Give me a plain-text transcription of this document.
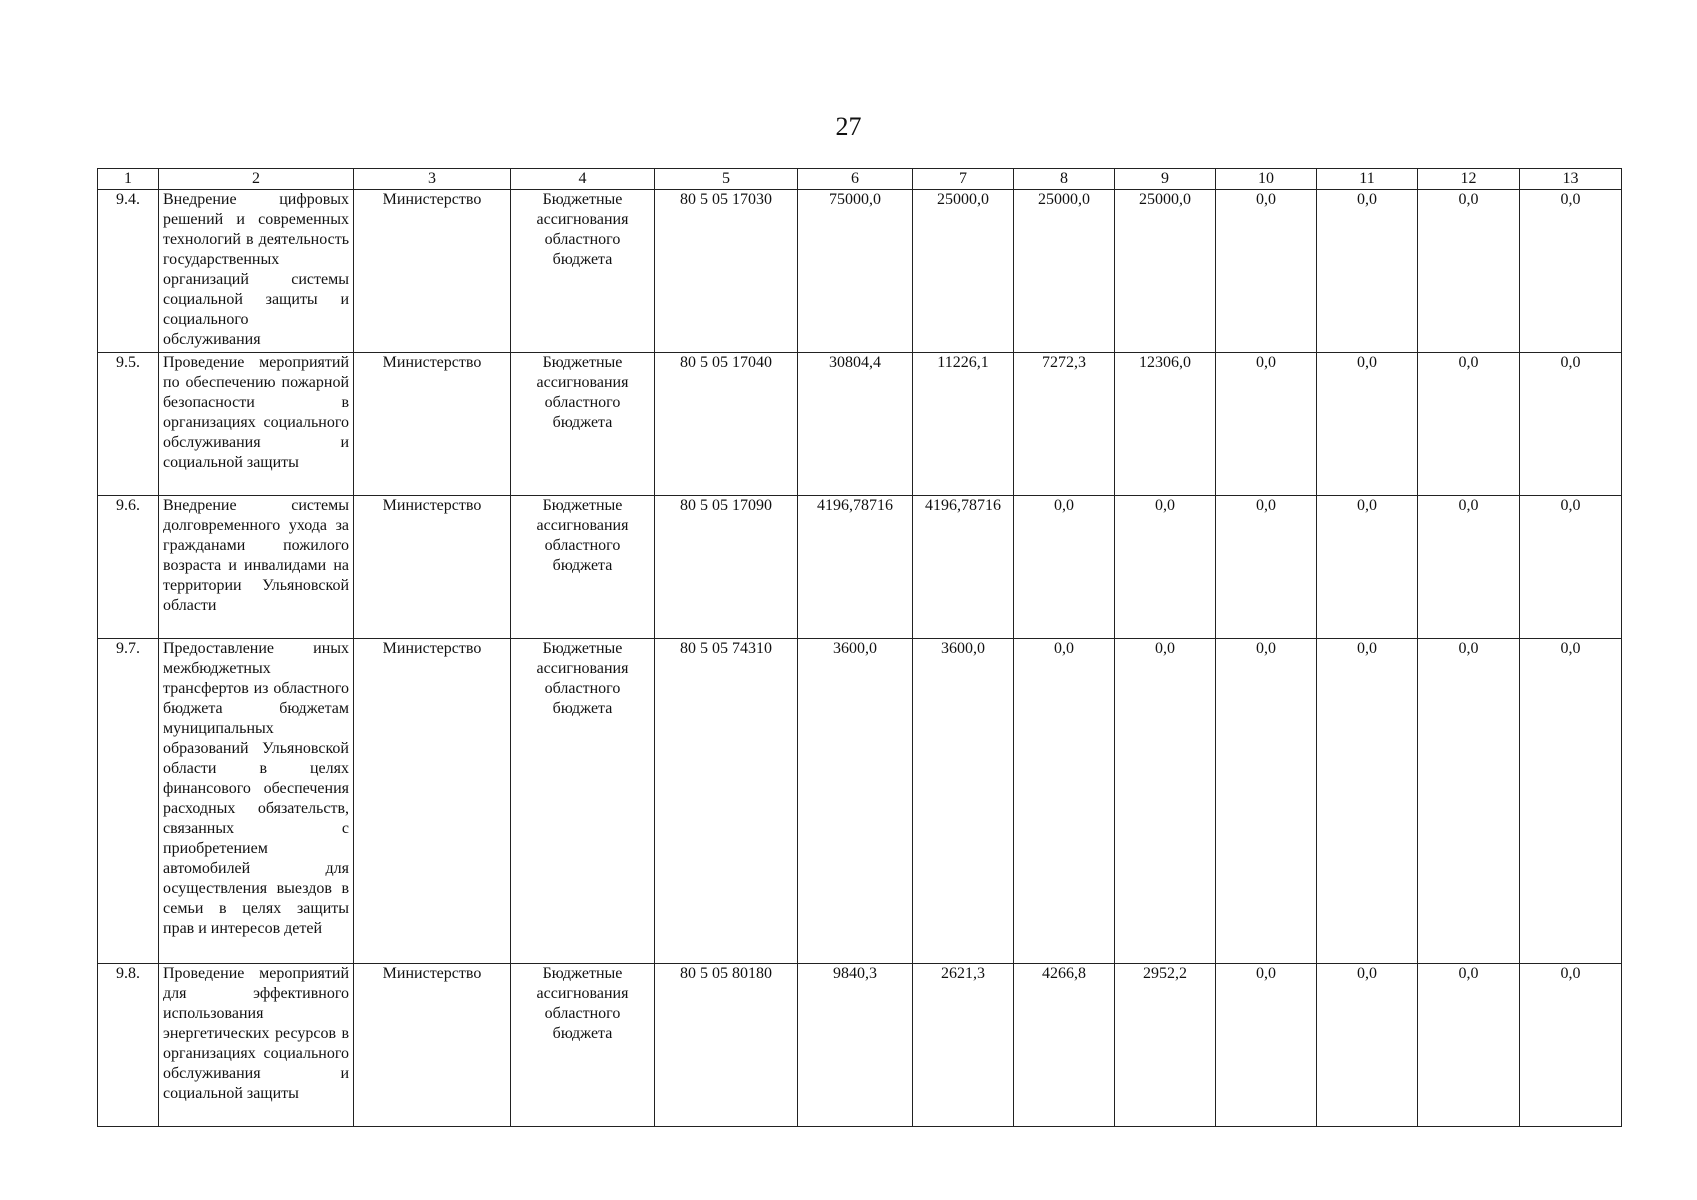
27
1	2	3	4	5	6	7	8	9	10	11	12	13
9.4.	Внедрение цифровых решений и современных технологий в деятельность государственных организаций системы социальной защиты и социального обслуживания	Министерство	Бюджетные ассигнования областного бюджета	80 5 05 17030	75000,0	25000,0	25000,0	25000,0	0,0	0,0	0,0	0,0
9.5.	Проведение мероприятий по обеспечению пожарной безопасности в организациях социального обслуживания и социальной защиты	Министерство	Бюджетные ассигнования областного бюджета	80 5 05 17040	30804,4	11226,1	7272,3	12306,0	0,0	0,0	0,0	0,0
9.6.	Внедрение системы долговременного ухода за гражданами пожилого возраста и инвалидами на территории Ульяновской области	Министерство	Бюджетные ассигнования областного бюджета	80 5 05 17090	4196,78716	4196,78716	0,0	0,0	0,0	0,0	0,0	0,0
9.7.	Предоставление иных межбюджетных трансфертов из областного бюджета бюджетам муниципальных образований Ульяновской области в целях финансового обеспечения расходных обязательств, связанных с приобретением автомобилей для осуществления выездов в семьи в целях защиты прав и интересов детей	Министерство	Бюджетные ассигнования областного бюджета	80 5 05 74310	3600,0	3600,0	0,0	0,0	0,0	0,0	0,0	0,0
9.8.	Проведение мероприятий для эффективного использования энергетических ресурсов в организациях социального обслуживания и социальной защиты	Министерство	Бюджетные ассигнования областного бюджета	80 5 05 80180	9840,3	2621,3	4266,8	2952,2	0,0	0,0	0,0	0,0
